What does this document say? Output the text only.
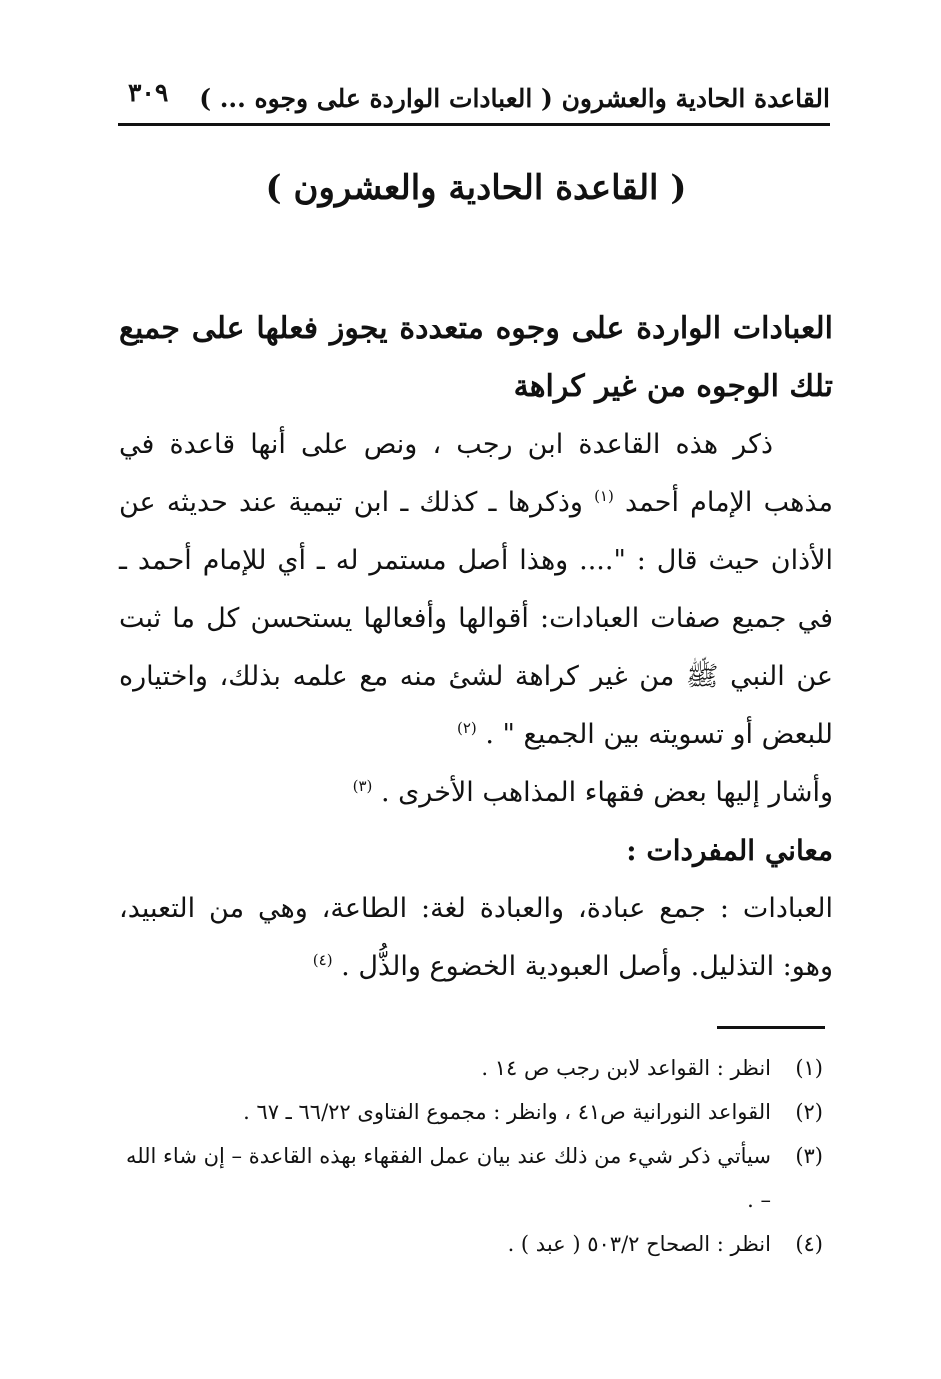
القاعدة الحادية والعشرون ( العبادات الواردة على وجوه ... )
٣٠٩
( القاعدة الحادية والعشرون )

العبادات الواردة على وجوه متعددة يجوز فعلها على جميع تلك الوجوه من غير كراهة

ذكر هذه القاعدة ابن رجب ، ونص على أنها قاعدة في مذهب الإمام أحمد $^{(١)}$ وذكرها ـ كذلك ـ ابن تيمية عند حديثه عن الأذان حيث قال : ".... وهذا أصل مستمر له ـ أي للإمام أحمد ـ في جميع صفات العبادات: أقوالها وأفعالها يستحسن كل ما ثبت عن النبي ﷺ من غير كراهة لشئ منه مع علمه بذلك، واختياره للبعض أو تسويته بين الجميع " . $^{(٢)}$

وأشار إليها بعض فقهاء المذاهب الأخرى . $^{(٣)}$

معاني المفردات :

العبادات : جمع عبادة، والعبادة لغة: الطاعة، وهي من التعبيد، وهو: التذليل. وأصل العبودية الخضوع والذُّل . $^{(٤)}$

(١)
انظر : القواعد لابن رجب ص ١٤ .

(٢)
القواعد النورانية ص٤١ ، وانظر : مجموع الفتاوى ٦٦/٢٢ ـ ٦٧ .

(٣)
سيأتي ذكر شيء من ذلك عند بيان عمل الفقهاء بهذه القاعدة – إن شاء الله – .

(٤)
انظر : الصحاح ٥٠٣/٢ ( عبد ) .
